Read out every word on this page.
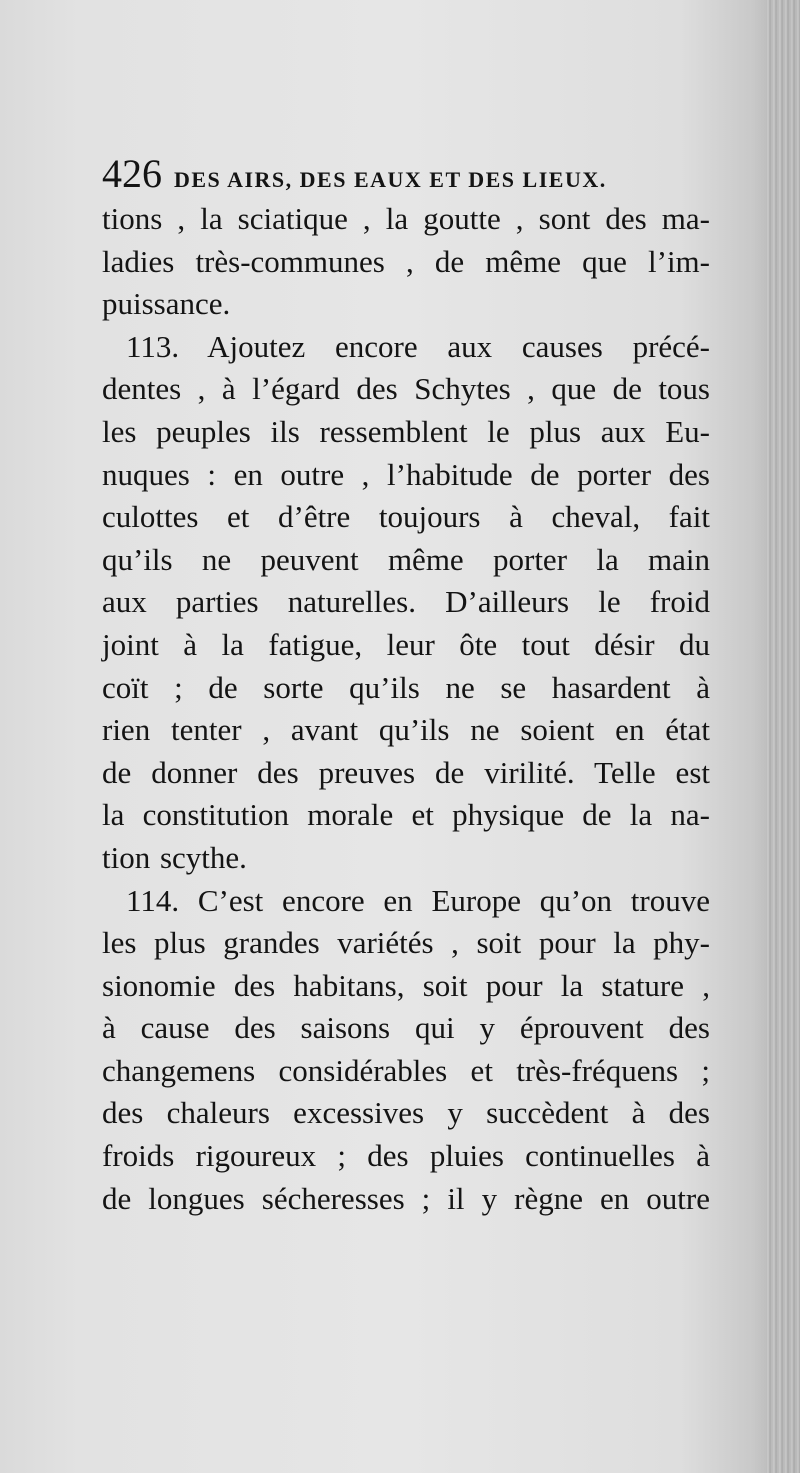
426 DES AIRS, DES EAUX ET DES LIEUX.
tions , la sciatique , la goutte , sont des ma-
ladies très-communes , de même que l’im-
puissance.
113. Ajoutez encore aux causes précé-
dentes , à l’égard des Schytes , que de tous
les peuples ils ressemblent le plus aux Eu-
nuques : en outre , l’habitude de porter des
culottes et d’être toujours à cheval, fait
qu’ils ne peuvent même porter la main
aux parties naturelles. D’ailleurs le froid
joint à la fatigue, leur ôte tout désir du
coït ; de sorte qu’ils ne se hasardent à
rien tenter , avant qu’ils ne soient en état
de donner des preuves de virilité. Telle est
la constitution morale et physique de la na-
tion scythe.
114. C’est encore en Europe qu’on trouve
les plus grandes variétés , soit pour la phy-
sionomie des habitans, soit pour la stature ,
à cause des saisons qui y éprouvent des
changemens considérables et très-fréquens ;
des chaleurs excessives y succèdent à des
froids rigoureux ; des pluies continuelles à
de longues sécheresses ; il y règne en outre
